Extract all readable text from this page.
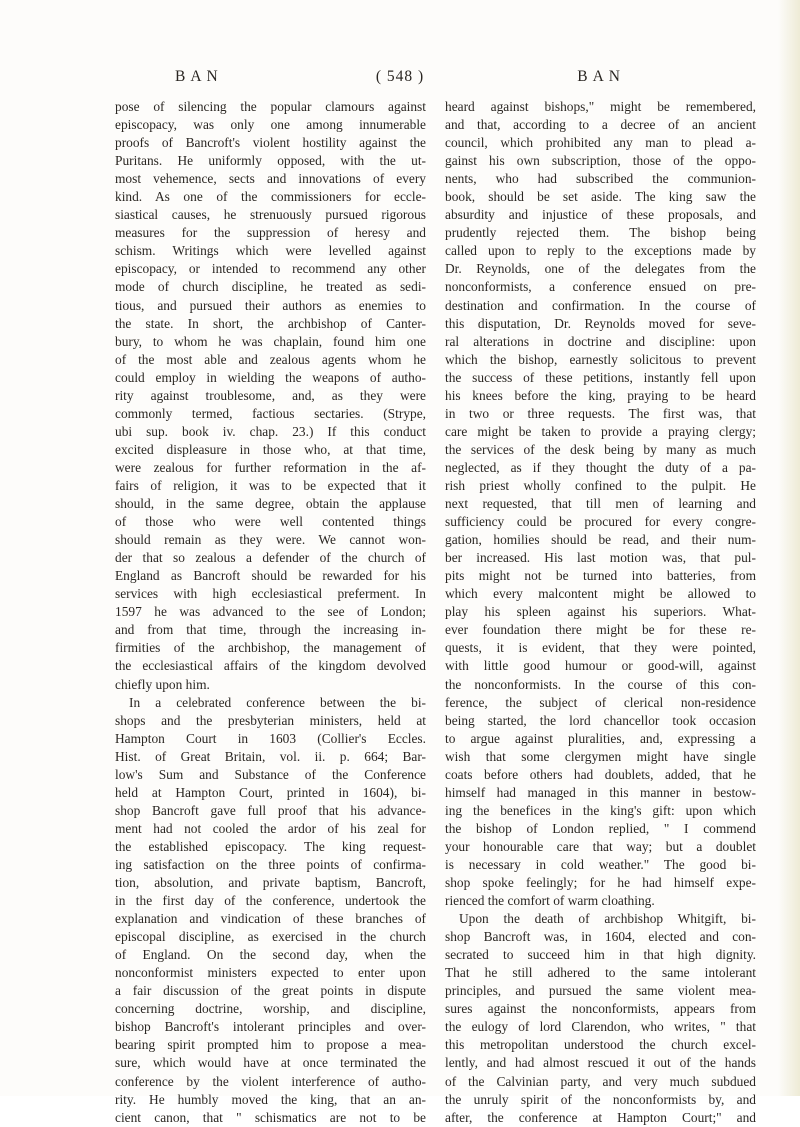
BAN	( 548 )	BAN
pose of silencing the popular clamours against
episcopacy, was only one among innumerable
proofs of Bancroft's violent hostility against the
Puritans. He uniformly opposed, with the ut-
most vehemence, sects and innovations of every
kind. As one of the commissioners for eccle-
siastical causes, he strenuously pursued rigorous
measures for the suppression of heresy and
schism. Writings which were levelled against
episcopacy, or intended to recommend any other
mode of church discipline, he treated as sedi-
tious, and pursued their authors as enemies to
the state. In short, the archbishop of Canter-
bury, to whom he was chaplain, found him one
of the most able and zealous agents whom he
could employ in wielding the weapons of autho-
rity against troublesome, and, as they were
commonly termed, factious sectaries. (Strype,
ubi sup. book iv. chap. 23.) If this conduct
excited displeasure in those who, at that time,
were zealous for further reformation in the af-
fairs of religion, it was to be expected that it
should, in the same degree, obtain the applause
of those who were well contented things
should remain as they were. We cannot won-
der that so zealous a defender of the church of
England as Bancroft should be rewarded for his
services with high ecclesiastical preferment. In
1597 he was advanced to the see of London;
and from that time, through the increasing in-
firmities of the archbishop, the management of
the ecclesiastical affairs of the kingdom devolved
chiefly upon him.
In a celebrated conference between the bi-
shops and the presbyterian ministers, held at
Hampton Court in 1603 (Collier's Eccles.
Hist. of Great Britain, vol. ii. p. 664; Bar-
low's Sum and Substance of the Conference
held at Hampton Court, printed in 1604), bi-
shop Bancroft gave full proof that his advance-
ment had not cooled the ardor of his zeal for
the established episcopacy. The king request-
ing satisfaction on the three points of confirma-
tion, absolution, and private baptism, Bancroft,
in the first day of the conference, undertook the
explanation and vindication of these branches of
episcopal discipline, as exercised in the church
of England. On the second day, when the
nonconformist ministers expected to enter upon
a fair discussion of the great points in dispute
concerning doctrine, worship, and discipline,
bishop Bancroft's intolerant principles and over-
bearing spirit prompted him to propose a mea-
sure, which would have at once terminated the
conference by the violent interference of autho-
rity. He humbly moved the king, that an an-
cient canon, that " schismatics are not to be
heard against bishops," might be remembered,
and that, according to a decree of an ancient
council, which prohibited any man to plead a-
gainst his own subscription, those of the oppo-
nents, who had subscribed the communion-
book, should be set aside. The king saw the
absurdity and injustice of these proposals, and
prudently rejected them. The bishop being
called upon to reply to the exceptions made by
Dr. Reynolds, one of the delegates from the
nonconformists, a conference ensued on pre-
destination and confirmation. In the course of
this disputation, Dr. Reynolds moved for seve-
ral alterations in doctrine and discipline: upon
which the bishop, earnestly solicitous to prevent
the success of these petitions, instantly fell upon
his knees before the king, praying to be heard
in two or three requests. The first was, that
care might be taken to provide a praying clergy;
the services of the desk being by many as much
neglected, as if they thought the duty of a pa-
rish priest wholly confined to the pulpit. He
next requested, that till men of learning and
sufficiency could be procured for every congre-
gation, homilies should be read, and their num-
ber increased. His last motion was, that pul-
pits might not be turned into batteries, from
which every malcontent might be allowed to
play his spleen against his superiors. What-
ever foundation there might be for these re-
quests, it is evident, that they were pointed,
with little good humour or good-will, against
the nonconformists. In the course of this con-
ference, the subject of clerical non-residence
being started, the lord chancellor took occasion
to argue against pluralities, and, expressing a
wish that some clergymen might have single
coats before others had doublets, added, that he
himself had managed in this manner in bestow-
ing the benefices in the king's gift: upon which
the bishop of London replied, " I commend
your honourable care that way; but a doublet
is necessary in cold weather." The good bi-
shop spoke feelingly; for he had himself expe-
rienced the comfort of warm cloathing.
Upon the death of archbishop Whitgift, bi-
shop Bancroft was, in 1604, elected and con-
secrated to succeed him in that high dignity.
That he still adhered to the same intolerant
principles, and pursued the same violent mea-
sures against the nonconformists, appears from
the eulogy of lord Clarendon, who writes, " that
this metropolitan understood the church excel-
lently, and had almost rescued it out of the hands
of the Calvinian party, and very much subdued
the unruly spirit of the nonconformists by, and
after, the conference at Hampton Court;" and
